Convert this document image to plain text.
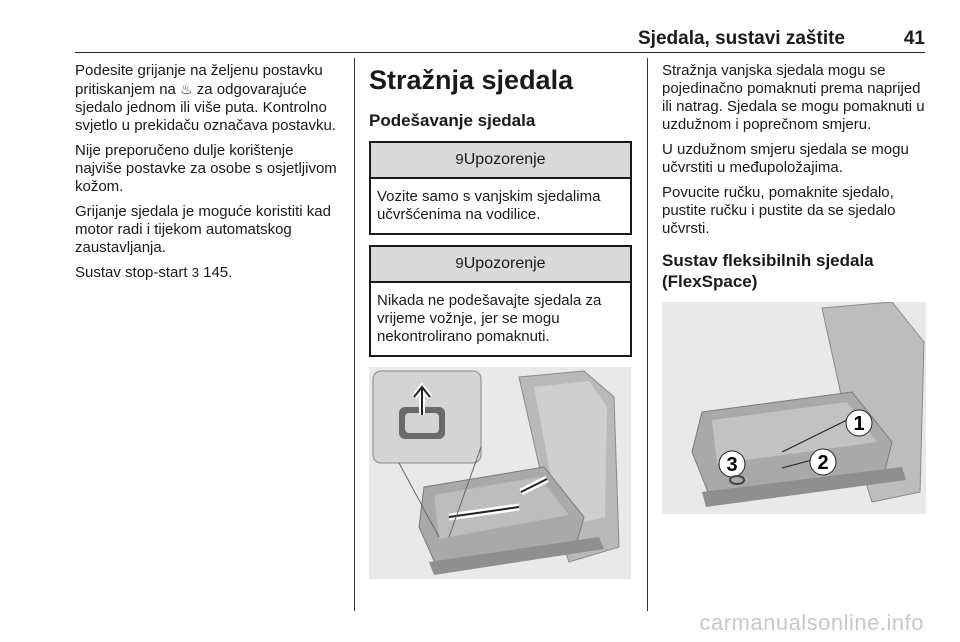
Sjedala, sustavi zaštite	41

Podesite grijanje na željenu postavku pritiskanjem na ♨ za odgovarajuće sjedalo jednom ili više puta. Kontrolno svjetlo u prekidaču označava postavku.

Nije preporučeno dulje korištenje najviše postavke za osobe s osjetljivom kožom.

Grijanje sjedala je moguće koristiti kad motor radi i tijekom automatskog zaustavljanja.

Sustav stop-start 3 145.

Stražnja sjedala
Podešavanje sjedala
9Upozorenje
Vozite samo s vanjskim sjedalima učvršćenima na vodilice.
9Upozorenje
Nikada ne podešavajte sjedala za vrijeme vožnje, jer se mogu nekontrolirano pomaknuti.

Stražnja vanjska sjedala mogu se pojedinačno pomaknuti prema naprijed ili natrag. Sjedala se mogu pomaknuti u uzdužnom i poprečnom smjeru.

U uzdužnom smjeru sjedala se mogu učvrstiti u međupoložajima.

Povucite ručku, pomaknite sjedalo, pustite ručku i pustite da se sjedalo učvrsti.

Sustav fleksibilnih sjedala (FlexSpace)
1
2
3
carmanualsonline.info
